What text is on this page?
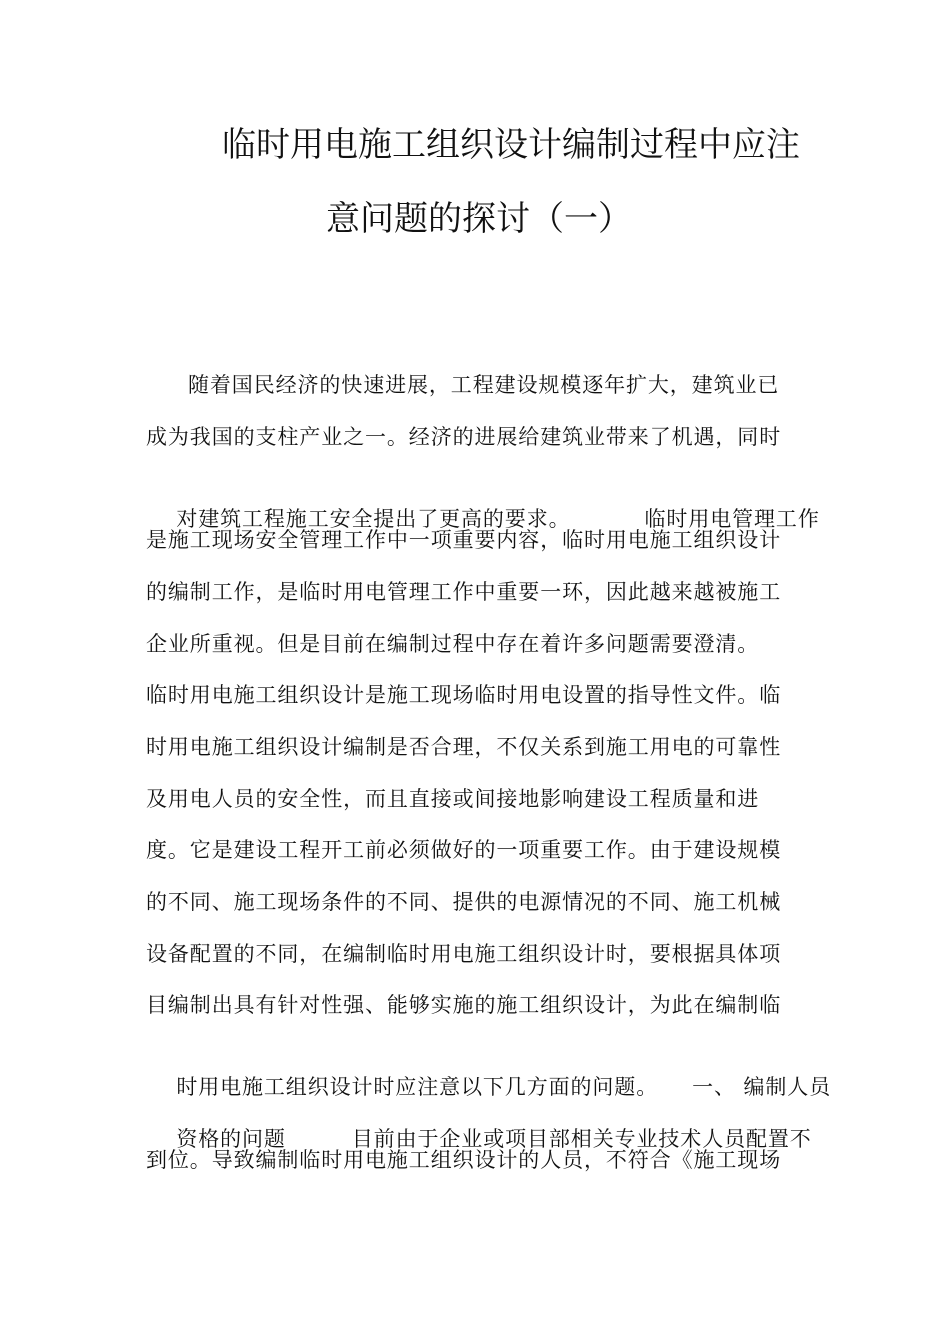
临时用电施工组织设计编制过程中应注
意问题的探讨（一）
随着国民经济的快速进展，工程建设规模逐年扩大，建筑业已
成为我国的支柱产业之一。经济的进展给建筑业带来了机遇，同时

对建筑工程施工安全提出了更高的要求。	临时用电管理工作

是施工现场安全管理工作中一项重要内容，临时用电施工组织设计
的编制工作，是临时用电管理工作中重要一环，因此越来越被施工
企业所重视。但是目前在编制过程中存在着许多问题需要澄清。
临时用电施工组织设计是施工现场临时用电设置的指导性文件。临
时用电施工组织设计编制是否合理，不仅关系到施工用电的可靠性
及用电人员的安全性，而且直接或间接地影响建设工程质量和进
度。它是建设工程开工前必须做好的一项重要工作。由于建设规模
的不同、施工现场条件的不同、提供的电源情况的不同、施工机械
设备配置的不同，在编制临时用电施工组织设计时，要根据具体项
目编制出具有针对性强、能够实施的施工组织设计，为此在编制临

时用电施工组织设计时应注意以下几方面的问题。 一、 编制人员

资格的问题	目前由于企业或项目部相关专业技术人员配置不

到位。导致编制临时用电施工组织设计的人员，不符合《施工现场
